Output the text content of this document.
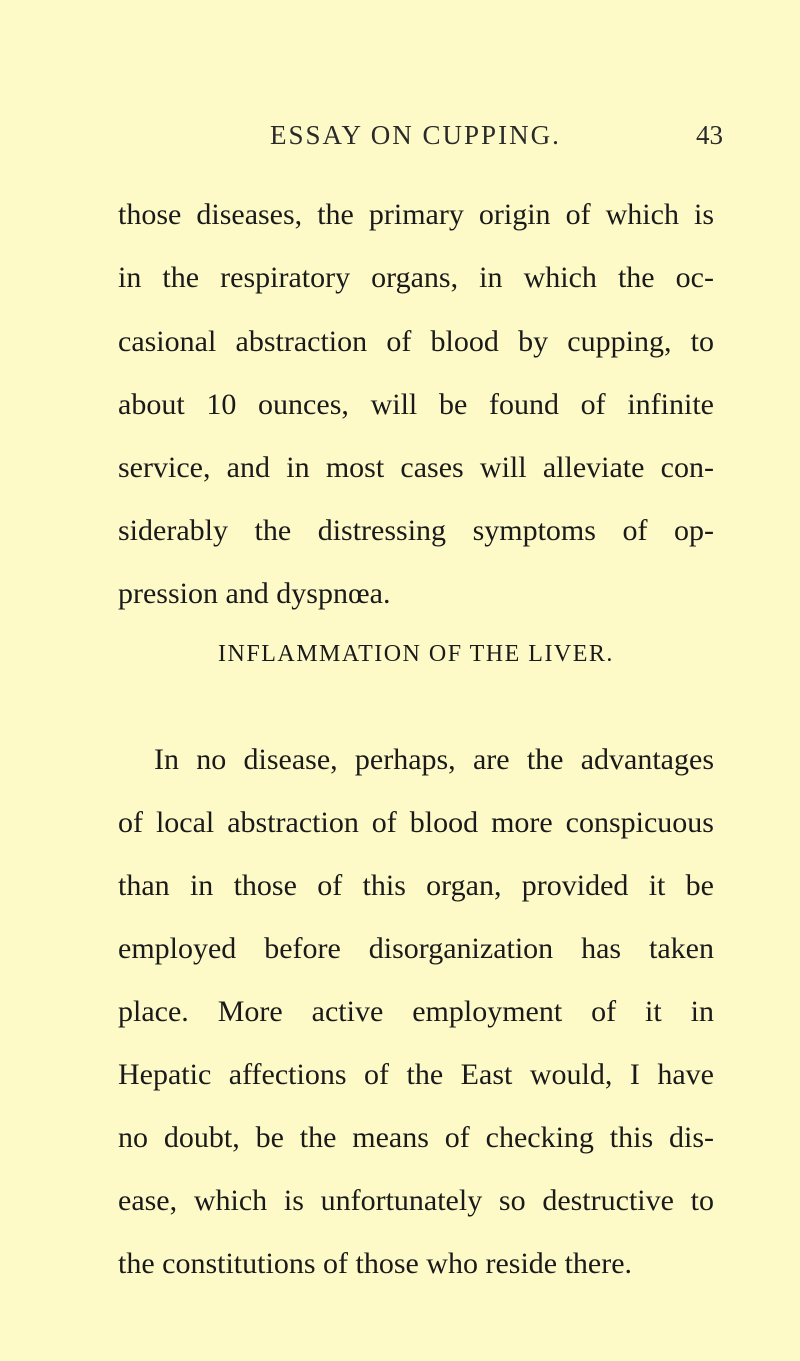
ESSAY ON CUPPING.	43
those diseases, the primary origin of which is
in the respiratory organs, in which the oc-
casional abstraction of blood by cupping, to
about 10 ounces, will be found of infinite
service, and in most cases will alleviate con-
siderably the distressing symptoms of op-
pression and dyspnœa.
INFLAMMATION OF THE LIVER.
In no disease, perhaps, are the advantages
of local abstraction of blood more conspicuous
than in those of this organ, provided it be
employed before disorganization has taken
place. More active employment of it in
Hepatic affections of the East would, I have
no doubt, be the means of checking this dis-
ease, which is unfortunately so destructive to
the constitutions of those who reside there.
